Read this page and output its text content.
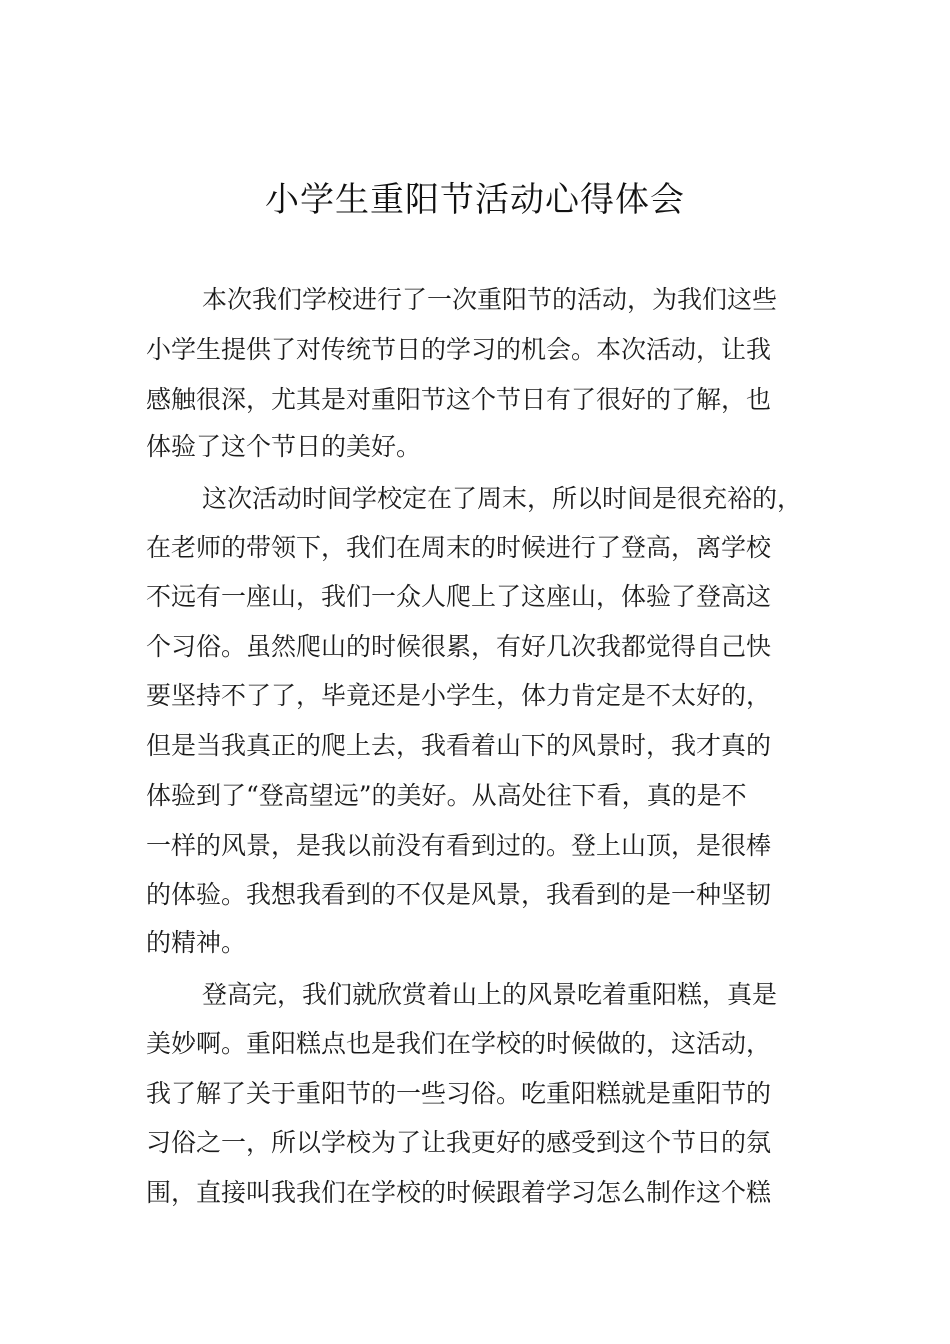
小学生重阳节活动心得体会
本次我们学校进行了一次重阳节的活动，为我们这些
小学生提供了对传统节日的学习的机会。本次活动，让我
感触很深，尤其是对重阳节这个节日有了很好的了解，也
体验了这个节日的美好。
这次活动时间学校定在了周末，所以时间是很充裕的，
在老师的带领下，我们在周末的时候进行了登高，离学校
不远有一座山，我们一众人爬上了这座山，体验了登高这
个习俗。虽然爬山的时候很累，有好几次我都觉得自己快
要坚持不了了，毕竟还是小学生，体力肯定是不太好的，
但是当我真正的爬上去，我看着山下的风景时，我才真的
体验到了“登高望远”的美好。从高处往下看，真的是不
一样的风景，是我以前没有看到过的。登上山顶，是很棒
的体验。我想我看到的不仅是风景，我看到的是一种坚韧
的精神。
登高完，我们就欣赏着山上的风景吃着重阳糕，真是
美妙啊。重阳糕点也是我们在学校的时候做的，这活动，
我了解了关于重阳节的一些习俗。吃重阳糕就是重阳节的
习俗之一，所以学校为了让我更好的感受到这个节日的氛
围，直接叫我我们在学校的时候跟着学习怎么制作这个糕
